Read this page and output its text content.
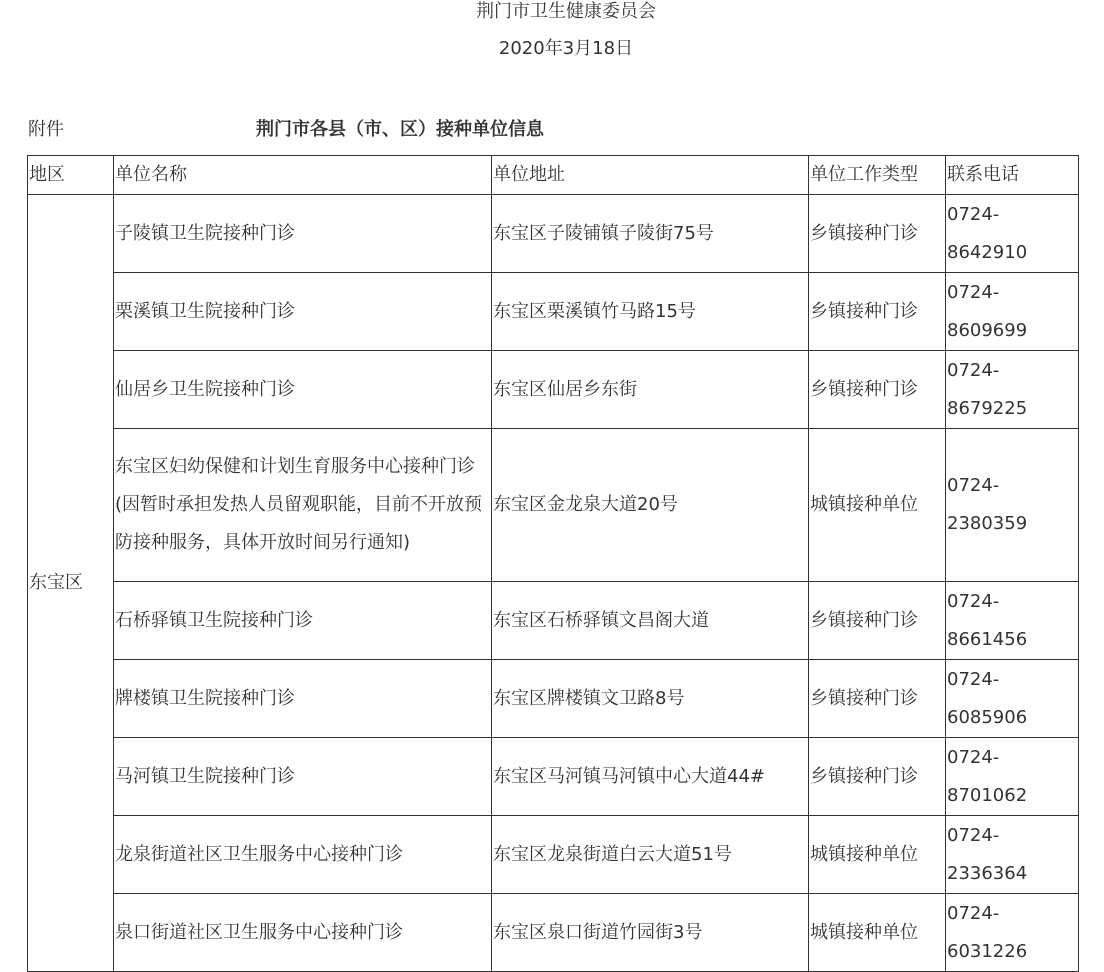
荆门市卫生健康委员会
2020年3月18日
附件	荆门市各县（市、区）接种单位信息
地区	单位名称	单位地址	单位工作类型	联系电话
东宝区	子陵镇卫生院接种门诊	东宝区子陵铺镇子陵街75号	乡镇接种门诊	0724-
8642910
	栗溪镇卫生院接种门诊	东宝区栗溪镇竹马路15号	乡镇接种门诊	0724-
8609699
	仙居乡卫生院接种门诊	东宝区仙居乡东街	乡镇接种门诊	0724-
8679225

	东宝区妇幼保健和计划生育服务中心接种门诊
(因暂时承担发热人员留观职能，目前不开放预防接种服务，具体开放时间另行通知)	东宝区金龙泉大道20号	城镇接种单位	0724-
2380359
	石桥驿镇卫生院接种门诊	东宝区石桥驿镇文昌阁大道	乡镇接种门诊	0724-
8661456
	牌楼镇卫生院接种门诊	东宝区牌楼镇文卫路8号	乡镇接种门诊	0724-
6085906
	马河镇卫生院接种门诊	东宝区马河镇马河镇中心大道44#	乡镇接种门诊	0724-
8701062
	龙泉街道社区卫生服务中心接种门诊	东宝区龙泉街道白云大道51号	城镇接种单位	0724-
2336364
	泉口街道社区卫生服务中心接种门诊	东宝区泉口街道竹园街3号	城镇接种单位	0724-
6031226
